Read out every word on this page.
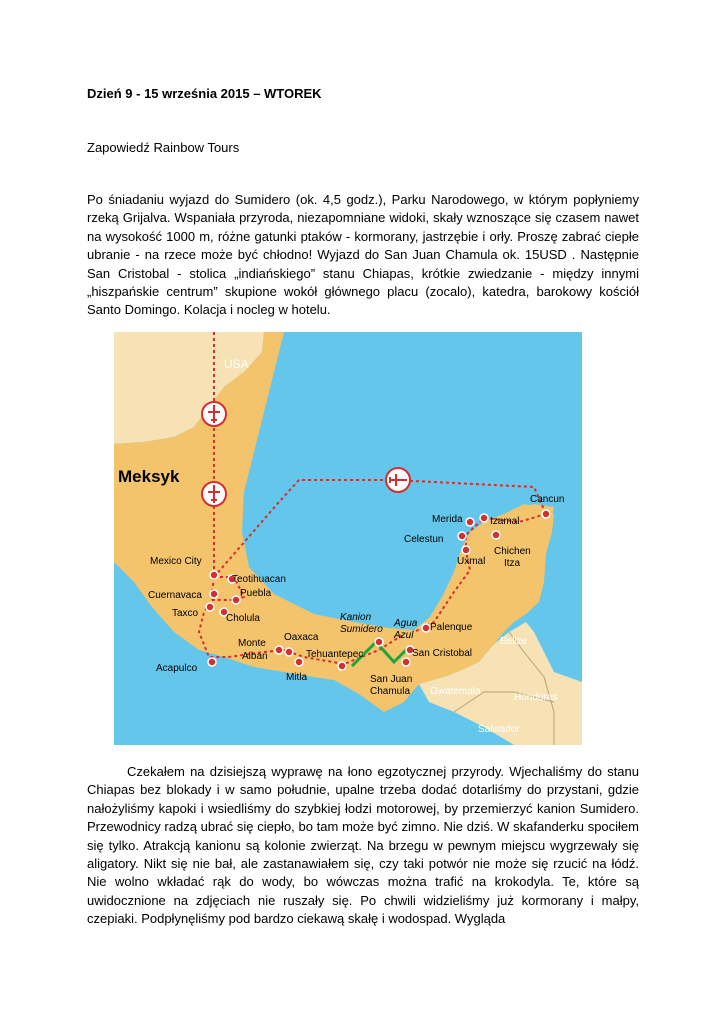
Dzień 9 - 15 września 2015 – WTOREK
Zapowiedź Rainbow Tours

Po śniadaniu wyjazd do Sumidero (ok. 4,5 godz.), Parku Narodowego, w którym popłyniemy rzeką Grijalva. Wspaniała przyroda, niezapomniane widoki, skały wznoszące się czasem nawet na wysokość 1000 m, różne gatunki ptaków - kormorany, jastrzębie i orły. Proszę zabrać ciepłe ubranie - na rzece może być chłodno! Wyjazd do San Juan Chamula ok. 15USD . Następnie San Cristobal - stolica „indiańskiego” stanu Chiapas, krótkie zwiedzanie - między innymi „hiszpańskie centrum” skupione wokół głównego placu (zocalo), katedra, barokowy kościół Santo Domingo. Kolacja i nocleg w hotelu.

USA
Meksyk
Cancun
Merida	Izamal
Celestun
Chichen
Itza
Uxmal
Mexico City
Teotihuacan
Puebla
Cuernavaca
Taxco	Cholula
Acapulco
Monte
Alban
Oaxaca
Mitla
Tehuantepec
Kanion
Sumidero
Agua
Azul
Palenque
San Cristobal
San Juan
Chamula
Belize
Gwatemala
Honduras
Salwador

Czekałem na dzisiejszą wyprawę na łono egzotycznej przyrody. Wjechaliśmy do stanu Chiapas bez blokady i w samo południe, upalne trzeba dodać dotarliśmy do przystani, gdzie nałożyliśmy kapoki i wsiedliśmy do szybkiej łodzi motorowej, by przemierzyć kanion Sumidero. Przewodnicy radzą ubrać się ciepło, bo tam może być zimno. Nie dziś. W skafanderku spociłem się tylko. Atrakcją kanionu są kolonie zwierząt. Na brzegu w pewnym miejscu wygrzewały się aligatory. Nikt się nie bał, ale zastanawiałem się, czy taki potwór nie może się rzucić na łódź. Nie wolno wkładać rąk do wody, bo wówczas można trafić na krokodyla. Te, które są uwidocznione na zdjęciach nie ruszały się. Po chwili widzieliśmy już kormorany i małpy, czepiaki. Podpłynęliśmy pod bardzo ciekawą skałę i wodospad. Wygląda
